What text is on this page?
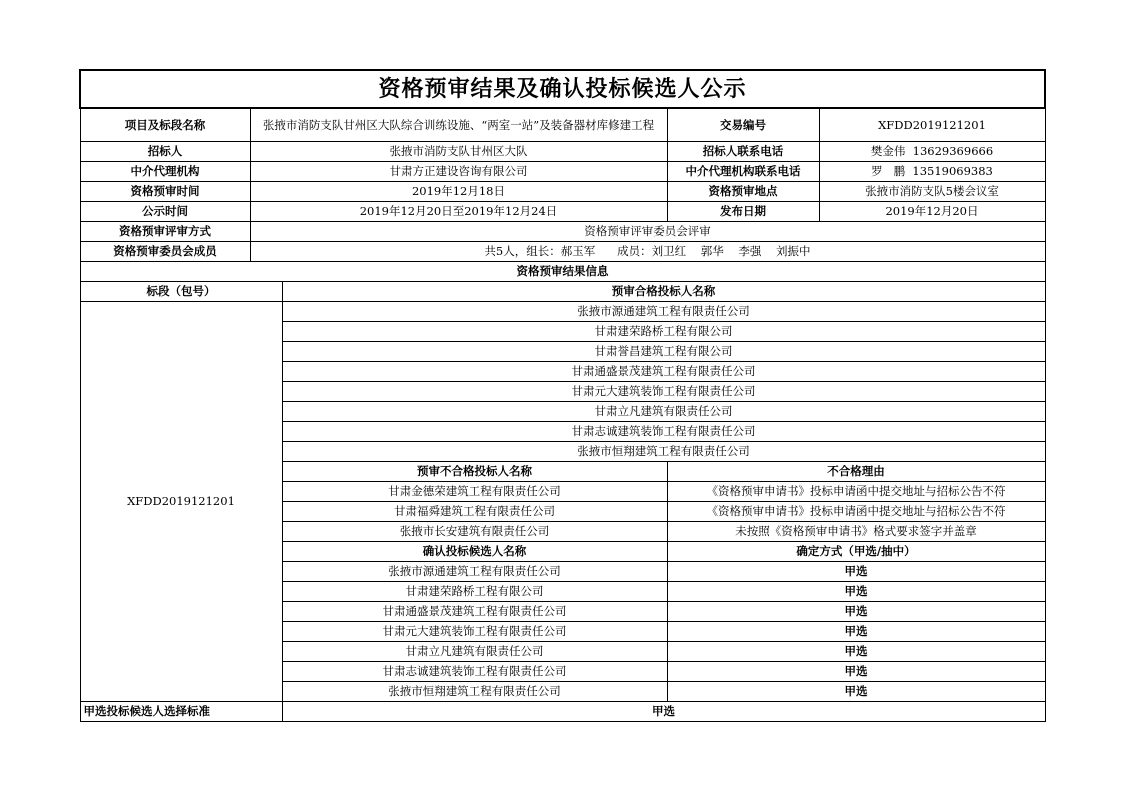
资格预审结果及确认投标候选人公示				
项目及标段名称	张掖市消防支队甘州区大队综合训练设施、“两室一站”及装备器材库修建工程		交易编号	XFDD2019121201
招标人	张掖市消防支队甘州区大队		招标人联系电话	樊金伟  13629369666
中介代理机构	甘肃方正建设咨询有限公司		中介代理机构联系电话	罗   鹏  13519069383
资格预审时间	2019年12月18日		资格预审地点	张掖市消防支队5楼会议室
公示时间	2019年12月20日至2019年12月24日		发布日期	2019年12月20日
资格预审评审方式	资格预审评审委员会评审			
资格预审委员会成员	共5人，组长：郝玉军      成员：刘卫红    郭华    李强    刘振中			
资格预审结果信息				
标段（包号）		预审合格投标人名称		
XFDD2019121201		张掖市源通建筑工程有限责任公司		
		甘肃建荣路桥工程有限公司		
		甘肃誉昌建筑工程有限公司		
		甘肃通盛景茂建筑工程有限责任公司		
		甘肃元大建筑装饰工程有限责任公司		
		甘肃立凡建筑有限责任公司		
		甘肃志诚建筑装饰工程有限责任公司		
		张掖市恒翔建筑工程有限责任公司		
		预审不合格投标人名称	不合格理由	
		甘肃金德荣建筑工程有限责任公司	《资格预审申请书》投标申请函中提交地址与招标公告不符	
		甘肃福舜建筑工程有限责任公司	《资格预审申请书》投标申请函中提交地址与招标公告不符	
		张掖市长安建筑有限责任公司	未按照《资格预审申请书》格式要求签字并盖章	
		确认投标候选人名称	确定方式（甲选/抽中）	
		张掖市源通建筑工程有限责任公司	甲选	
		甘肃建荣路桥工程有限公司	甲选	
		甘肃通盛景茂建筑工程有限责任公司	甲选	
		甘肃元大建筑装饰工程有限责任公司	甲选	
		甘肃立凡建筑有限责任公司	甲选	
		甘肃志诚建筑装饰工程有限责任公司	甲选	
		张掖市恒翔建筑工程有限责任公司	甲选	
甲选投标候选人选择标准		甲选		
